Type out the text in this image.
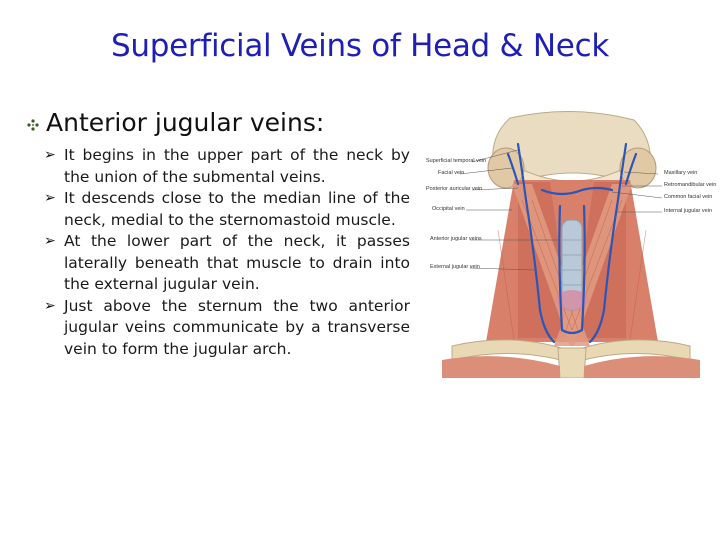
Superficial Veins of Head & Neck
Anterior jugular veins:
➢ It begins in the upper part of the neck by the union of the submental veins.
➢ It descends close to the median line of the neck, medial to the sternomastoid muscle.
➢ At the lower part of the neck, it passes laterally beneath that muscle to drain into the external jugular vein.
➢ Just above the sternum the two anterior jugular veins communicate by a transverse vein to form the jugular arch.
Superficial temporal vein
Facial vein
Posterior auricular vein
Occipital vein
Anterior jugular veins
External jugular vein
Maxillary vein
Retromandibular vein
Common facial vein
Internal jugular vein
